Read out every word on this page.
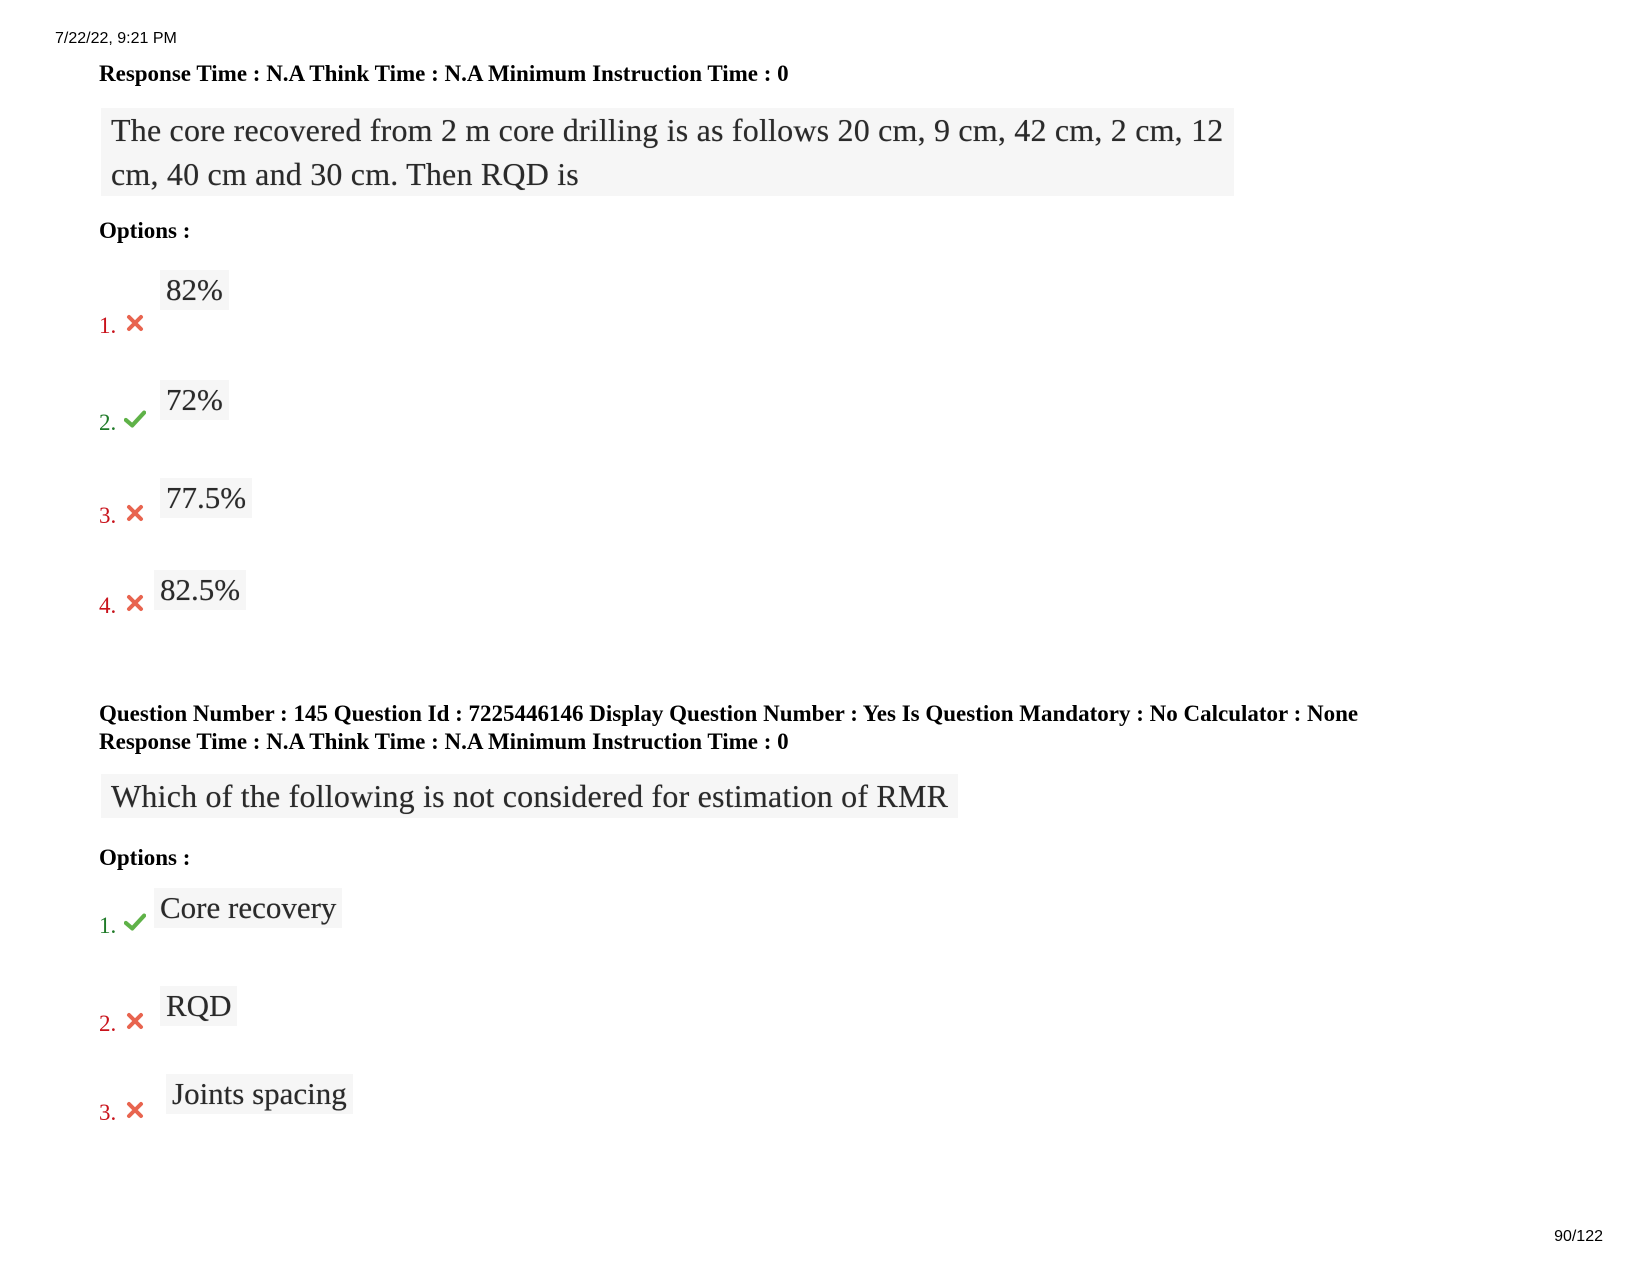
7/22/22, 9:21 PM
90/122
Response Time : N.A Think Time : N.A Minimum Instruction Time : 0
The core recovered from 2 m core drilling is as follows 20 cm, 9 cm, 42 cm, 2 cm, 12
cm, 40 cm and 30 cm. Then RQD is
Options :
1.
82%
2.
72%
3.
77.5%
4. 82.5%
Question Number : 145 Question Id : 7225446146 Display Question Number : Yes Is Question Mandatory : No Calculator : None
Response Time : N.A Think Time : N.A Minimum Instruction Time : 0
Which of the following is not considered for estimation of RMR
Options :
1.
Core recovery
2.
RQD
3.
Joints spacing
